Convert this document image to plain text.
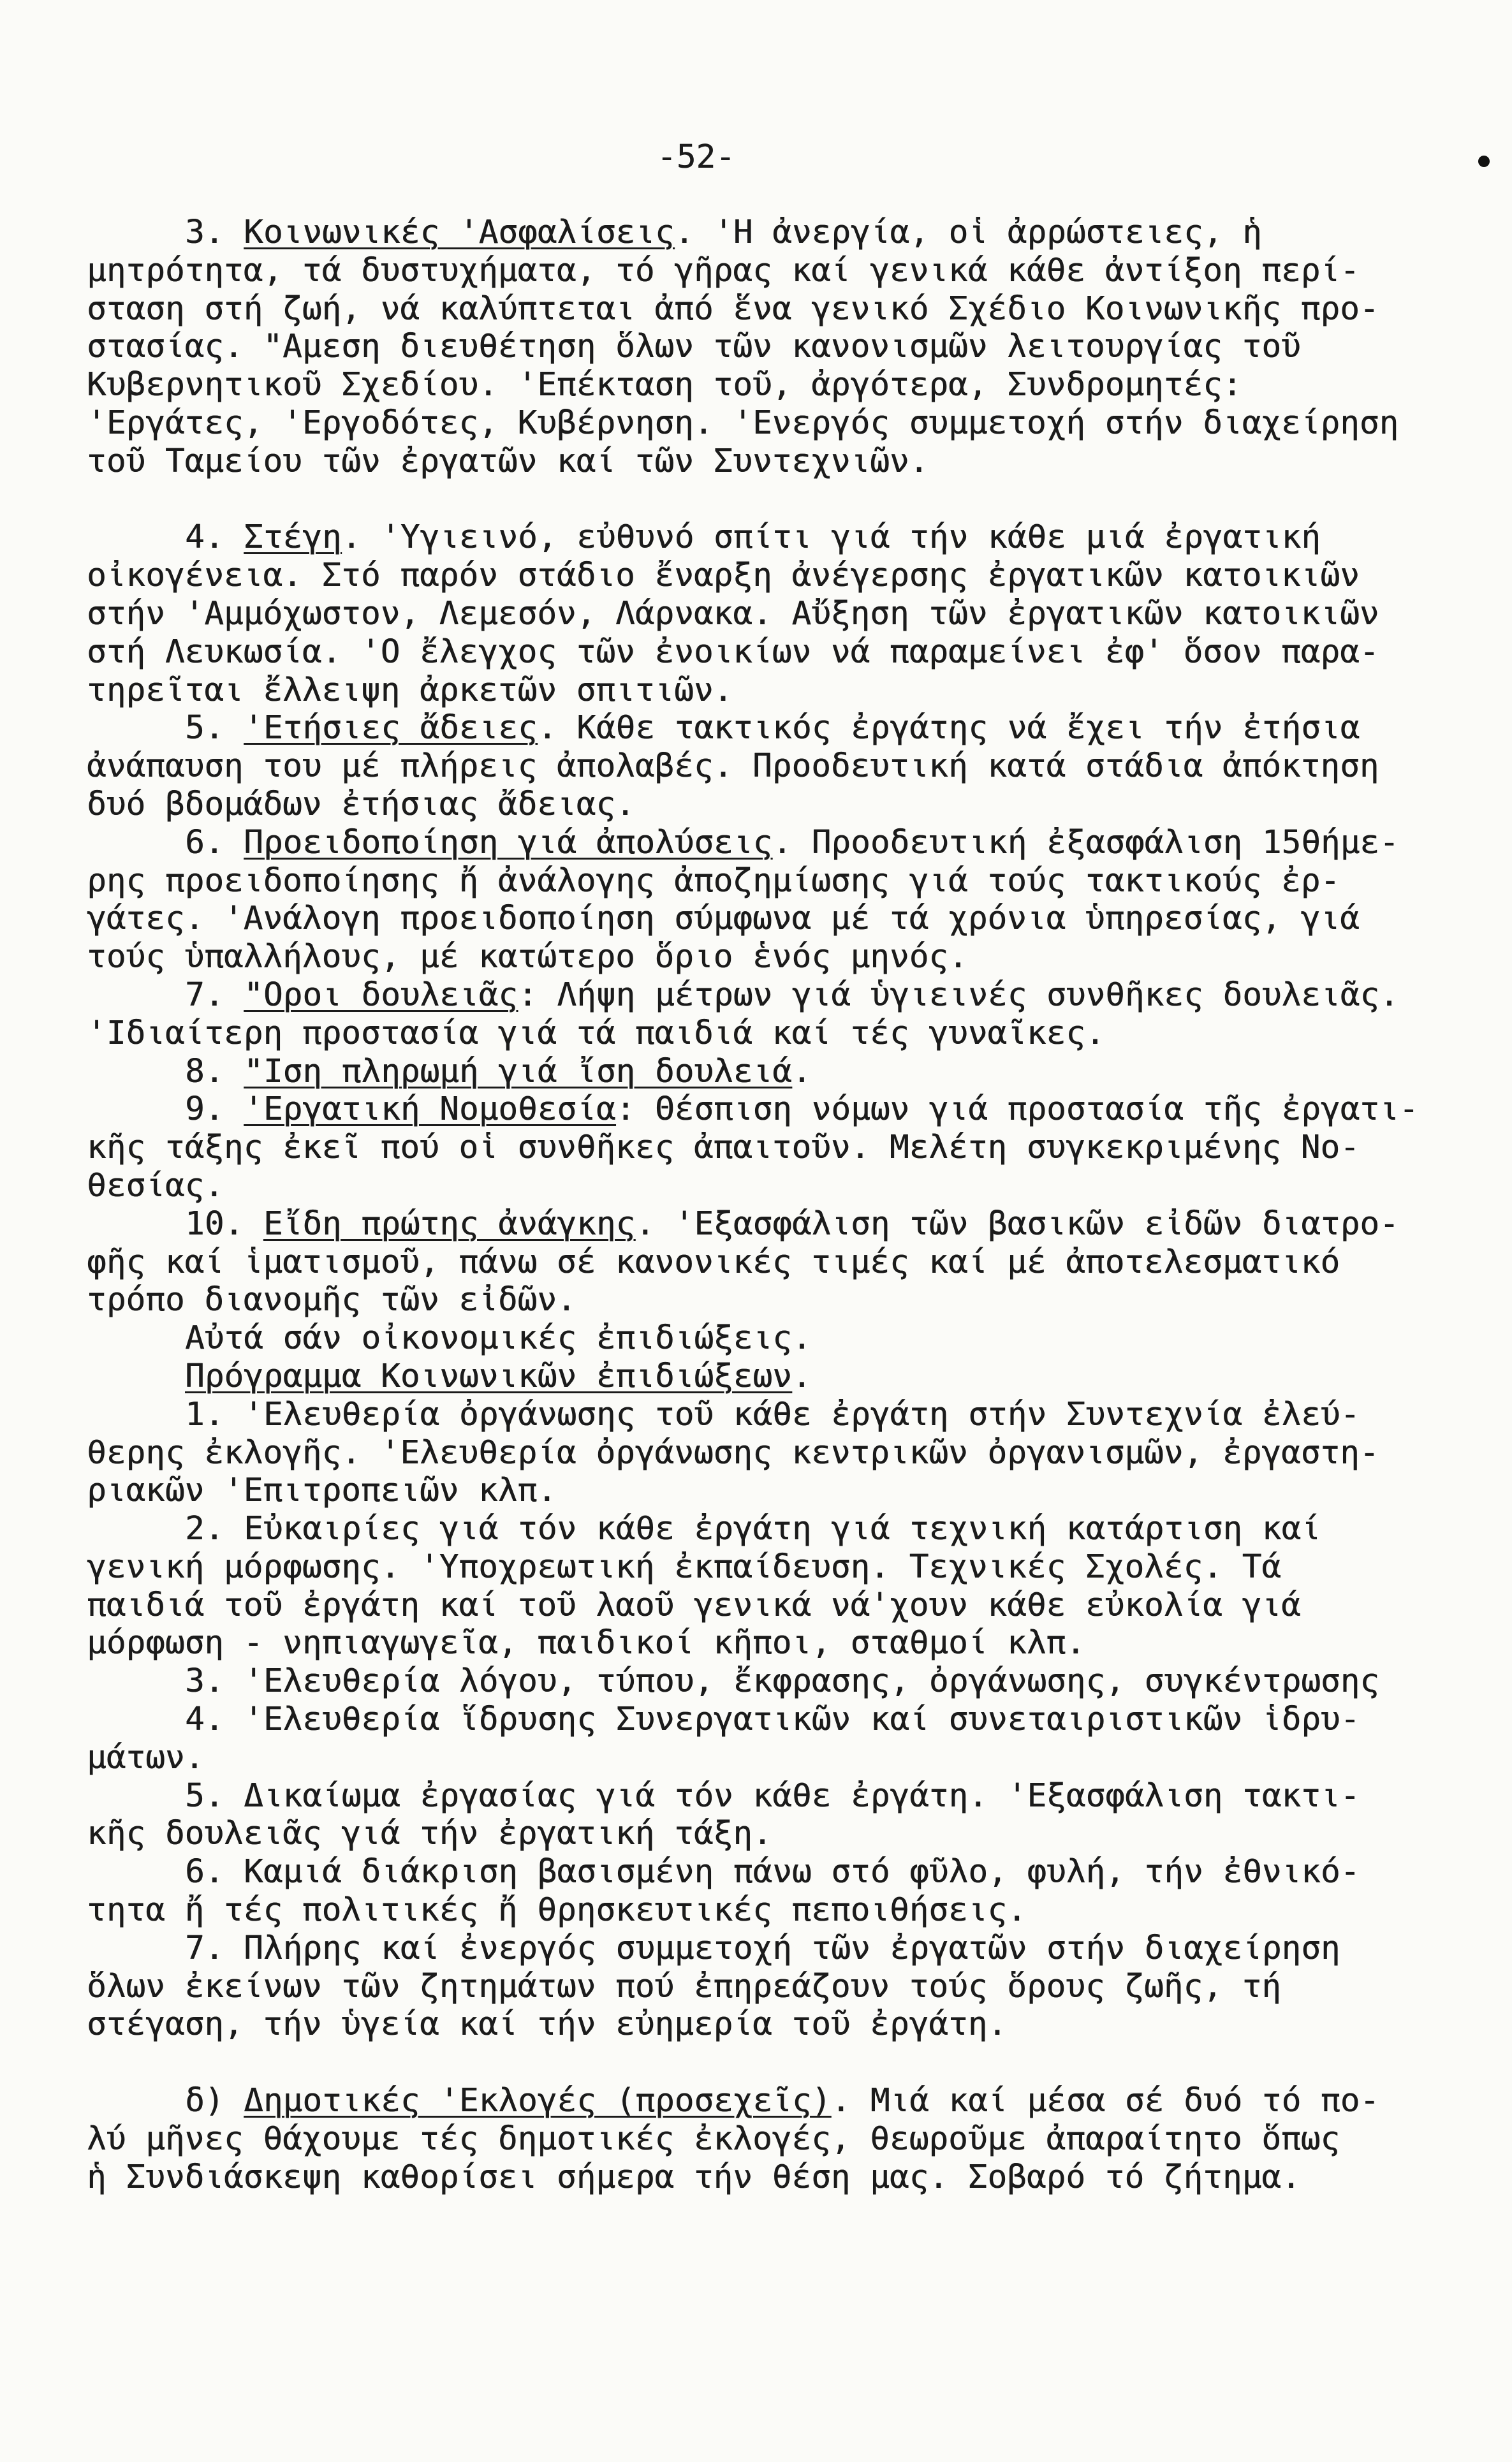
-52-
3. Κοινωνικές 'Ασφαλίσεις. 'Η ἀνεργία, οἱ ἀρρώστειες, ἡ
μητρότητα, τά δυστυχήματα, τό γῆρας καί γενικά κάθε ἀντίξοη περί-
σταση στή ζωή, νά καλύπτεται ἀπό ἕνα γενικό Σχέδιο Κοινωνικῆς προ-
στασίας. "Αμεση διευθέτηση ὅλων τῶν κανονισμῶν λειτουργίας τοῦ
Κυβερνητικοῦ Σχεδίου. 'Επέκταση τοῦ, ἀργότερα, Συνδρομητές:
'Εργάτες, 'Εργοδότες, Κυβέρνηση. 'Ενεργός συμμετοχή στήν διαχείρηση
τοῦ Ταμείου τῶν ἐργατῶν καί τῶν Συντεχνιῶν.
4. Στέγη. 'Υγιεινό, εὐθυνό σπίτι γιά τήν κάθε μιά ἐργατική
οἰκογένεια. Στό παρόν στάδιο ἔναρξη ἀνέγερσης ἐργατικῶν κατοικιῶν
στήν 'Αμμόχωστον, Λεμεσόν, Λάρνακα. Αὔξηση τῶν ἐργατικῶν κατοικιῶν
στή Λευκωσία. 'Ο ἔλεγχος τῶν ἐνοικίων νά παραμείνει ἐφ' ὅσον παρα-
τηρεῖται ἔλλειψη ἀρκετῶν σπιτιῶν.
5. 'Ετήσιες ἄδειες. Κάθε τακτικός ἐργάτης νά ἔχει τήν ἐτήσια
ἀνάπαυση του μέ πλήρεις ἀπολαβές. Προοδευτική κατά στάδια ἀπόκτηση
δυό βδομάδων ἐτήσιας ἄδειας.
6. Προειδοποίηση γιά ἀπολύσεις. Προοδευτική ἐξασφάλιση 15θήμε-
ρης προειδοποίησης ἤ ἀνάλογης ἀποζημίωσης γιά τούς τακτικούς ἐρ-
γάτες. 'Ανάλογη προειδοποίηση σύμφωνα μέ τά χρόνια ὑπηρεσίας, γιά
τούς ὑπαλλήλους, μέ κατώτερο ὅριο ἑνός μηνός.
7. "Οροι δουλειᾶς: Λήψη μέτρων γιά ὑγιεινές συνθῆκες δουλειᾶς.
'Ιδιαίτερη προστασία γιά τά παιδιά καί τές γυναῖκες.
8. "Ιση πληρωμή γιά ἴση δουλειά.
9. 'Εργατική Νομοθεσία: Θέσπιση νόμων γιά προστασία τῆς ἐργατι-
κῆς τάξης ἐκεῖ πού οἱ συνθῆκες ἀπαιτοῦν. Μελέτη συγκεκριμένης Νο-
θεσίας.
10. Εἴδη πρώτης ἀνάγκης. 'Εξασφάλιση τῶν βασικῶν εἰδῶν διατρο-
φῆς καί ἱματισμοῦ, πάνω σέ κανονικές τιμές καί μέ ἀποτελεσματικό
τρόπο διανομῆς τῶν εἰδῶν.
Αὐτά σάν οἰκονομικές ἐπιδιώξεις.
Πρόγραμμα Κοινωνικῶν ἐπιδιώξεων.
1. 'Ελευθερία ὀργάνωσης τοῦ κάθε ἐργάτη στήν Συντεχνία ἐλεύ-
θερης ἐκλογῆς. 'Ελευθερία ὀργάνωσης κεντρικῶν ὀργανισμῶν, ἐργαστη-
ριακῶν 'Επιτροπειῶν κλπ.
2. Εὐκαιρίες γιά τόν κάθε ἐργάτη γιά τεχνική κατάρτιση καί
γενική μόρφωσης. 'Υποχρεωτική ἐκπαίδευση. Τεχνικές Σχολές. Τά
παιδιά τοῦ ἐργάτη καί τοῦ λαοῦ γενικά νά'χουν κάθε εὐκολία γιά
μόρφωση - νηπιαγωγεῖα, παιδικοί κῆποι, σταθμοί κλπ.
3. 'Ελευθερία λόγου, τύπου, ἔκφρασης, ὀργάνωσης, συγκέντρωσης
4. 'Ελευθερία ἵδρυσης Συνεργατικῶν καί συνεταιριστικῶν ἱδρυ-
μάτων.
5. Δικαίωμα ἐργασίας γιά τόν κάθε ἐργάτη. 'Εξασφάλιση τακτι-
κῆς δουλειᾶς γιά τήν ἐργατική τάξη.
6. Καμιά διάκριση βασισμένη πάνω στό φῦλο, φυλή, τήν ἐθνικό-
τητα ἤ τές πολιτικές ἤ θρησκευτικές πεποιθήσεις.
7. Πλήρης καί ἐνεργός συμμετοχή τῶν ἐργατῶν στήν διαχείρηση
ὅλων ἐκείνων τῶν ζητημάτων πού ἐπηρεάζουν τούς ὅρους ζωῆς, τή
στέγαση, τήν ὑγεία καί τήν εὐημερία τοῦ ἐργάτη.
δ) Δημοτικές 'Εκλογές (προσεχεῖς). Μιά καί μέσα σέ δυό τό πο-
λύ μῆνες θάχουμε τές δημοτικές ἐκλογές, θεωροῦμε ἀπαραίτητο ὅπως
ἡ Συνδιάσκεψη καθορίσει σήμερα τήν θέση μας. Σοβαρό τό ζήτημα.
